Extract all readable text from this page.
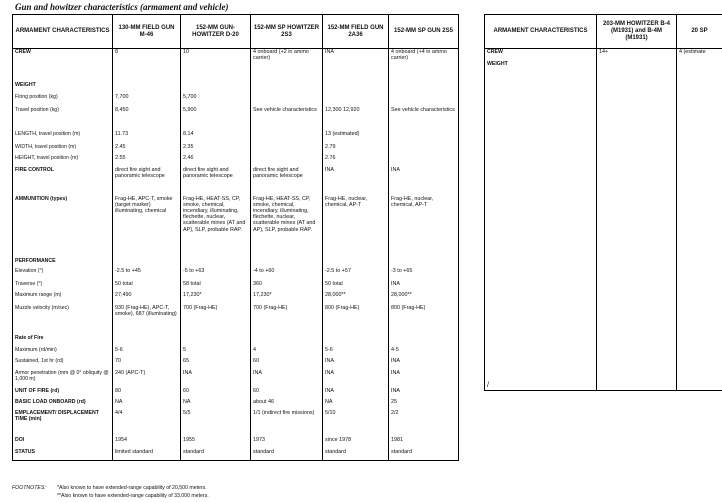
Gun and howitzer characteristics (armament and vehicle)
ARMAMENT CHARACTERISTICS	130-MM FIELD GUN M-46	152-MM GUN-HOWITZER D-20	152-MM SP HOWITZER 2S3	152-MM FIELD GUN 2A36	152-MM SP GUN 2S5
CREW	8	10	4 onboard (+2 in ammo carrier)	INA	4 onboard (+4 in ammo carrier)

WEIGHT					
Firing position (kg)	7,700	5,700			
Travel position (kg)	8,450	5,900	See vehicle characteristics	12,300 12,920	See vehicle characteristics
LENGTH, travel position (m)	11.73	8.14		13 (estimated)	
WIDTH, travel position (m)	2.45	2.35		2.79	
HEIGHT, travel position (m)	2.55	2.46		2.76	
FIRE CONTROL	direct fire sight and panoramic telescope	direct fire sight and panoramic telescope	direct fire sight and panoramic telescope	INA	INA
AMMUNITION (types)	Frag-HE, APC-T, smoke (target marker) illuminating, chemical	Frag-HE, HEAT-SS, CP, smoke, chemical, incendiary, illuminating, flechette, nuclear, scatterable mines (AT and AP), SLP, probable RAP.	Frag-HE, HEAT-SS, CP, smoke, chemical, incendiary, illuminating, flechette, nuclear, scatterable mines (AT and AP), SLP, probable RAP.	Frag-HE, nuclear, chemical, AP-T	Frag-HE, nuclear, chemical, AP-T
PERFORMANCE					
Elevation (°)	-2.5 to +45	-5 to +63	-4 to +60	-2.5 to +57	-3 to +65
Traverse (°)	50 total	58 total	360	50 total	INA
Maximum range (m)	27,490	17,230*	17,230*	28,000**	28,000**
Muzzle velocity (m/sec)	930 (Frag-HE), APC-T, smoke), 687 (illuminating)	700 (Frag-HE)	700 (Frag-HE)	800 (Frag-HE)	800 (Frag-HE)
Rate of Fire					
Maximum (rd/min)	5-6	5	4	5-6	4-5
Sustained, 1st hr (rd)	70	65	60	INA	INA
Armor penetration (mm @ 0° obliquity @ 1,000 m)	240 (APC-T)	INA	INA	INA	INA
UNIT OF FIRE (rd)	80	60	60	INA	INA
BASIC LOAD ONBOARD (rd)	NA	NA	about 46	NA	25
EMPLACEMENT/ DISPLACEMENT TIME (min)	4/4	5/5	1/1 (indirect fire missions)	5/10	2/2
DOI	1954	1955	1973	since 1978	1981
STATUS	limited standard	standard	standard	standard	standard
ARMAMENT CHARACTERISTICS	203-MM HOWITZER B-4 (M1931) and B-4M (M1931)	20 SP
CREW	14+	4 (estimate
WEIGHT		
/
FOOTNOTES: *Also known to have extended-range capability of 20,500 meters.
**Also known to have extended-range capability of 33,000 meters.
